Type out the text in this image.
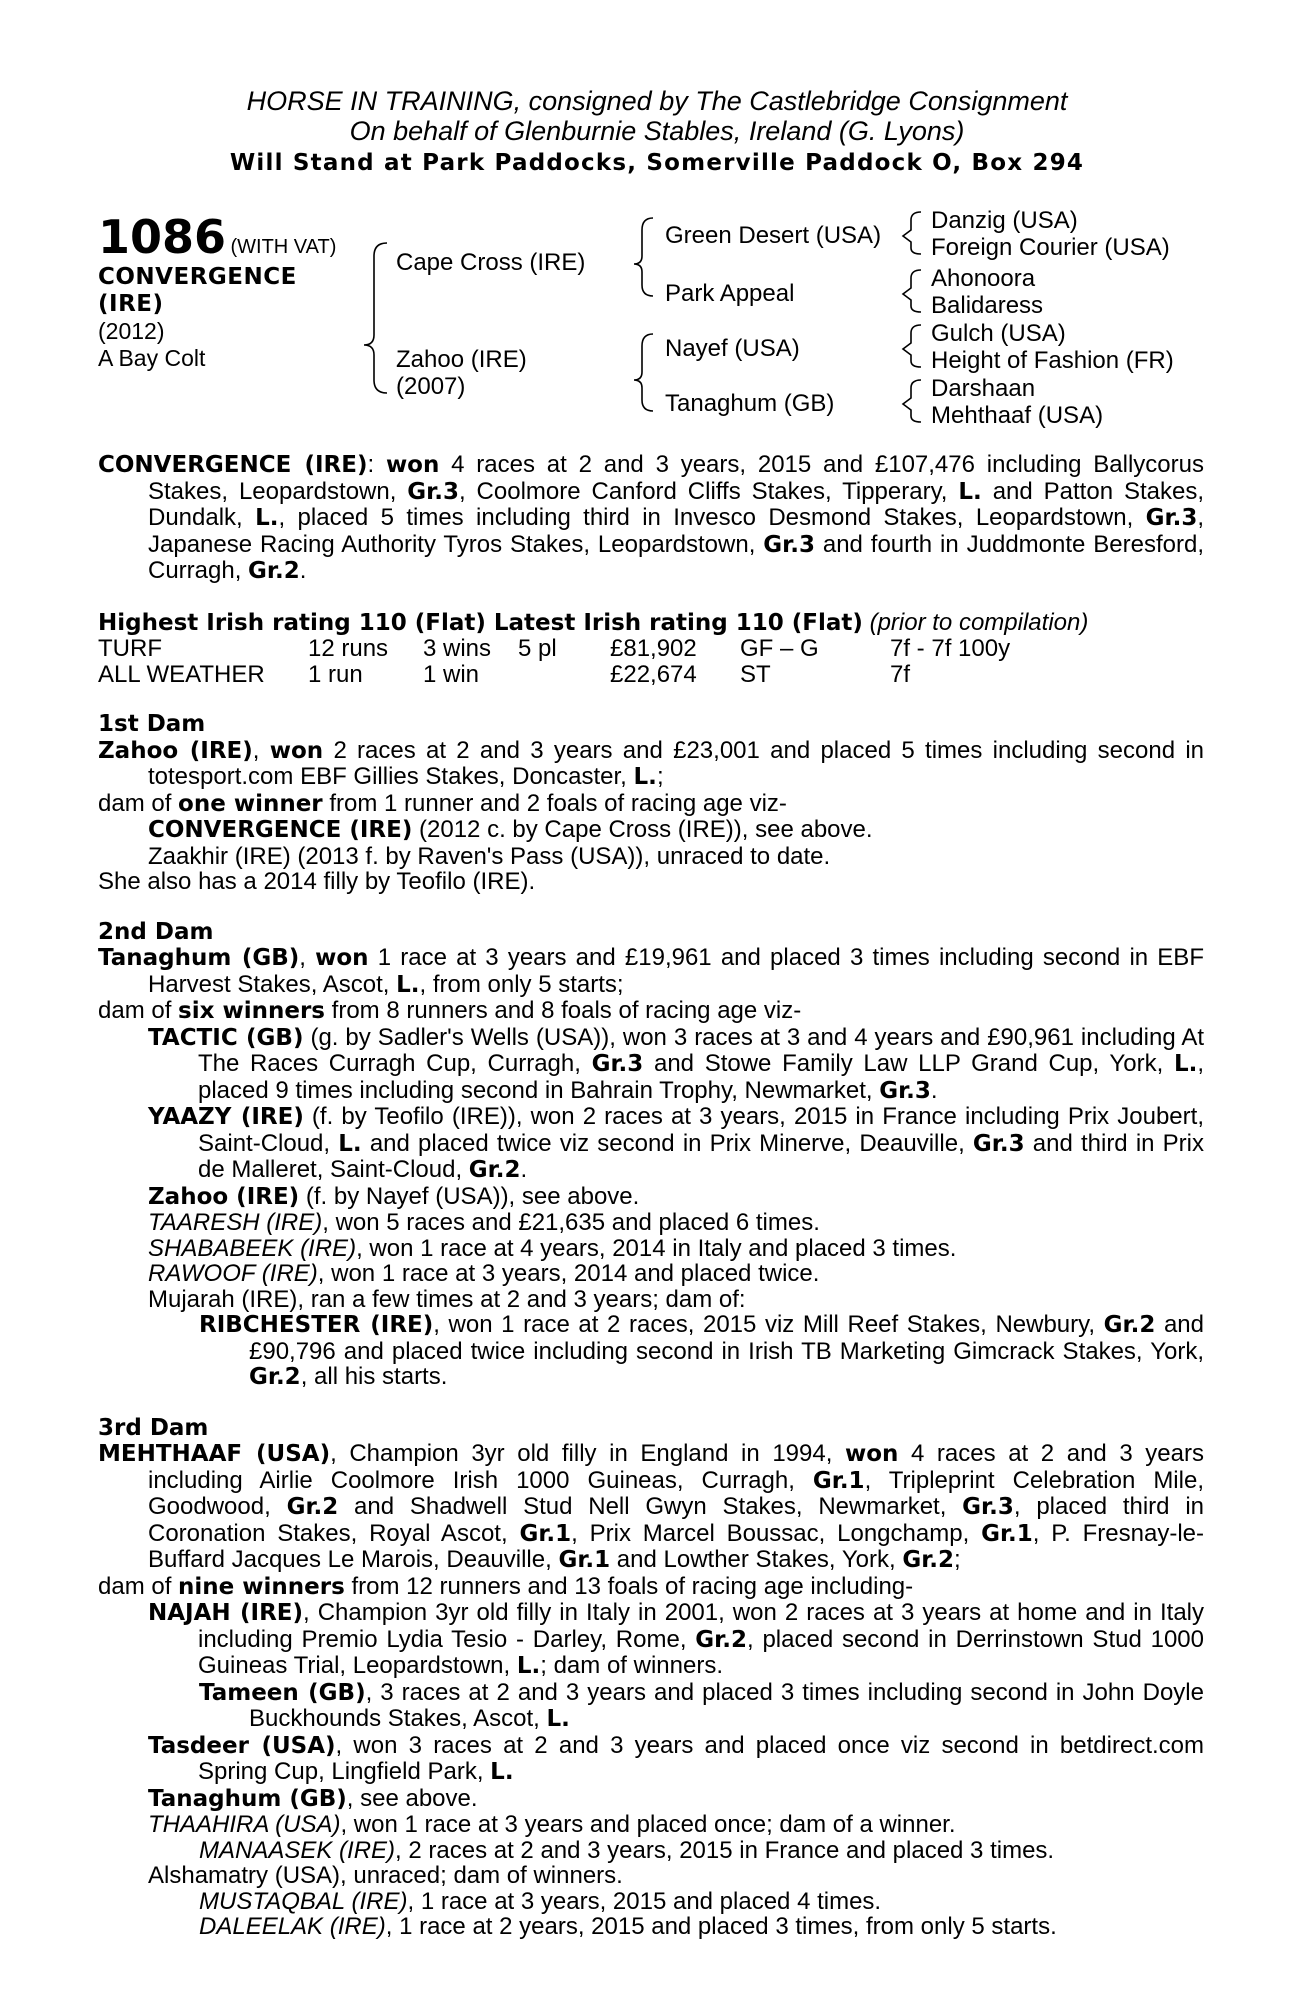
HORSE IN TRAINING, consigned by The Castlebridge Consignment
On behalf of Glenburnie Stables, Ireland (G. Lyons)
Will Stand at Park Paddocks, Somerville Paddock O, Box 294
1086 (WITH VAT)
CONVERGENCE
(IRE)
(2012)
A Bay Colt
Cape Cross (IRE)
Zahoo (IRE)
(2007)
Green Desert (USA)
Park Appeal
Nayef (USA)
Tanaghum (GB)
Danzig (USA)
Foreign Courier (USA)
Ahonoora
Balidaress
Gulch (USA)
Height of Fashion (FR)
Darshaan
Mehthaaf (USA)
CONVERGENCE (IRE): won 4 races at 2 and 3 years, 2015 and £107,476 including Ballycorus Stakes, Leopardstown, Gr.3, Coolmore Canford Cliffs Stakes, Tipperary, L. and Patton Stakes, Dundalk, L., placed 5 times including third in Invesco Desmond Stakes, Leopardstown, Gr.3, Japanese Racing Authority Tyros Stakes, Leopardstown, Gr.3 and fourth in Juddmonte Beresford, Curragh, Gr.2.
Highest Irish rating 110 (Flat) Latest Irish rating 110 (Flat) (prior to compilation)
TURF	12 runs	3 wins	5 pl	£81,902	GF – G	7f - 7f 100y
ALL WEATHER	1 run	1 win		£22,674	ST	7f
1st Dam
Zahoo (IRE), won 2 races at 2 and 3 years and £23,001 and placed 5 times including second in totesport.com EBF Gillies Stakes, Doncaster, L.;
dam of one winner from 1 runner and 2 foals of racing age viz-
CONVERGENCE (IRE) (2012 c. by Cape Cross (IRE)), see above.
Zaakhir (IRE) (2013 f. by Raven's Pass (USA)), unraced to date.
She also has a 2014 filly by Teofilo (IRE).
2nd Dam
Tanaghum (GB), won 1 race at 3 years and £19,961 and placed 3 times including second in EBF Harvest Stakes, Ascot, L., from only 5 starts;
dam of six winners from 8 runners and 8 foals of racing age viz-
TACTIC (GB) (g. by Sadler's Wells (USA)), won 3 races at 3 and 4 years and £90,961 including At The Races Curragh Cup, Curragh, Gr.3 and Stowe Family Law LLP Grand Cup, York, L., placed 9 times including second in Bahrain Trophy, Newmarket, Gr.3.
YAAZY (IRE) (f. by Teofilo (IRE)), won 2 races at 3 years, 2015 in France including Prix Joubert, Saint-Cloud, L. and placed twice viz second in Prix Minerve, Deauville, Gr.3 and third in Prix de Malleret, Saint-Cloud, Gr.2.
Zahoo (IRE) (f. by Nayef (USA)), see above.
TAARESH (IRE), won 5 races and £21,635 and placed 6 times.
SHABABEEK (IRE), won 1 race at 4 years, 2014 in Italy and placed 3 times.
RAWOOF (IRE), won 1 race at 3 years, 2014 and placed twice.
Mujarah (IRE), ran a few times at 2 and 3 years; dam of:
RIBCHESTER (IRE), won 1 race at 2 races, 2015 viz Mill Reef Stakes, Newbury, Gr.2 and £90,796 and placed twice including second in Irish TB Marketing Gimcrack Stakes, York, Gr.2, all his starts.
3rd Dam
MEHTHAAF (USA), Champion 3yr old filly in England in 1994, won 4 races at 2 and 3 years including Airlie Coolmore Irish 1000 Guineas, Curragh, Gr.1, Tripleprint Celebration Mile, Goodwood, Gr.2 and Shadwell Stud Nell Gwyn Stakes, Newmarket, Gr.3, placed third in Coronation Stakes, Royal Ascot, Gr.1, Prix Marcel Boussac, Longchamp, Gr.1, P. Fresnay-le-Buffard Jacques Le Marois, Deauville, Gr.1 and Lowther Stakes, York, Gr.2;
dam of nine winners from 12 runners and 13 foals of racing age including-
NAJAH (IRE), Champion 3yr old filly in Italy in 2001, won 2 races at 3 years at home and in Italy including Premio Lydia Tesio - Darley, Rome, Gr.2, placed second in Derrinstown Stud 1000 Guineas Trial, Leopardstown, L.; dam of winners.
Tameen (GB), 3 races at 2 and 3 years and placed 3 times including second in John Doyle Buckhounds Stakes, Ascot, L.
Tasdeer (USA), won 3 races at 2 and 3 years and placed once viz second in betdirect.com Spring Cup, Lingfield Park, L.
Tanaghum (GB), see above.
THAAHIRA (USA), won 1 race at 3 years and placed once; dam of a winner.
MANAASEK (IRE), 2 races at 2 and 3 years, 2015 in France and placed 3 times.
Alshamatry (USA), unraced; dam of winners.
MUSTAQBAL (IRE), 1 race at 3 years, 2015 and placed 4 times.
DALEELAK (IRE), 1 race at 2 years, 2015 and placed 3 times, from only 5 starts.
